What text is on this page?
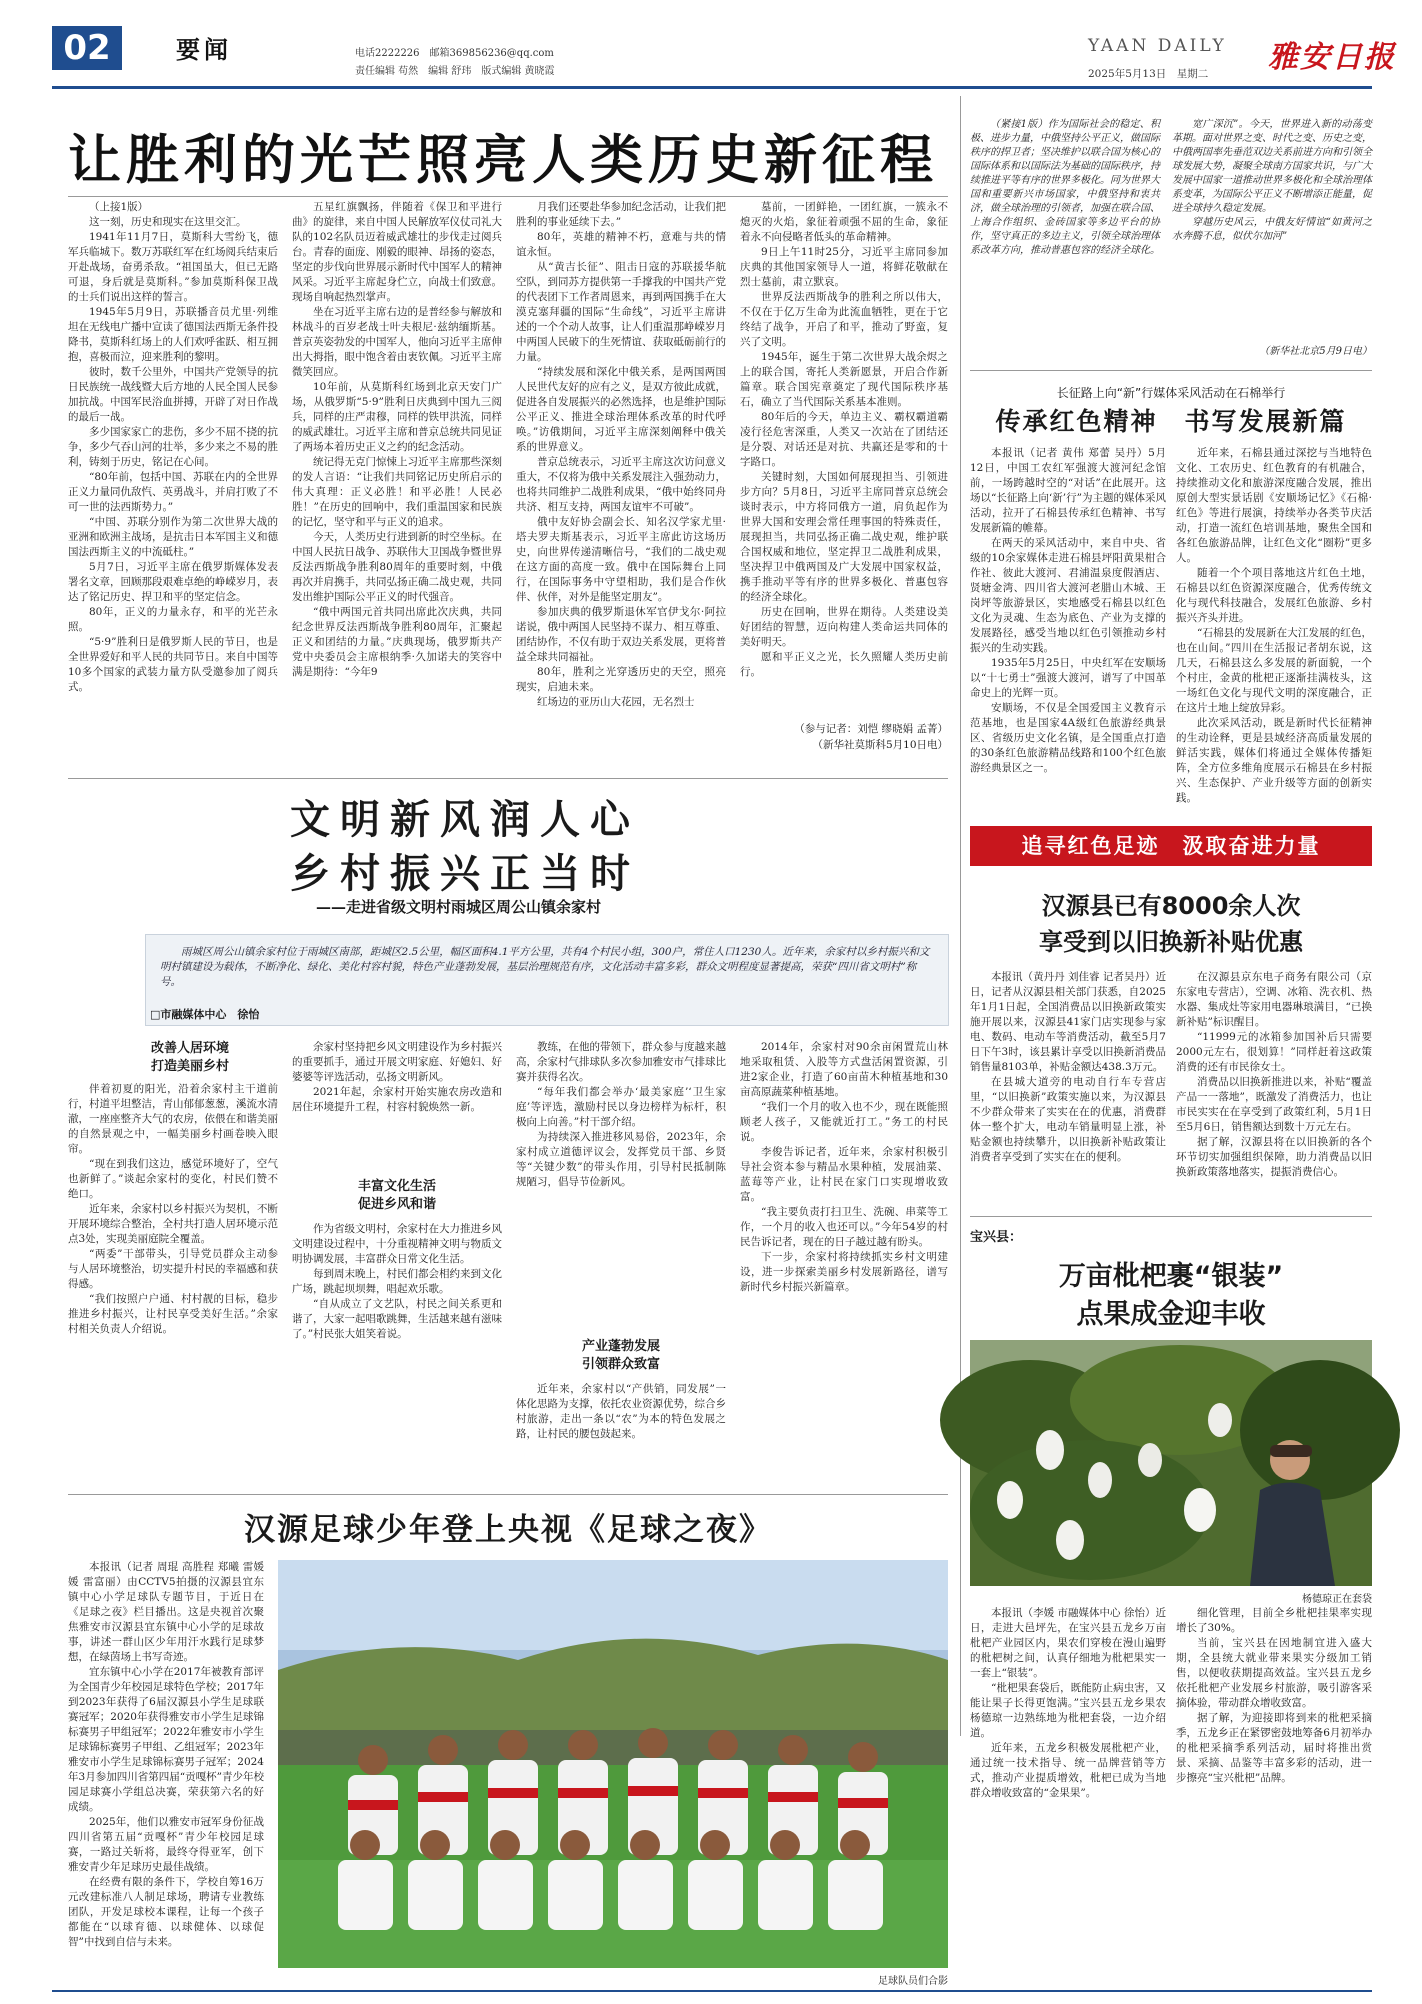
02	要闻	电话2222226　邮箱369856236@qq.com
责任编辑 苟然　编辑 舒玮　版式编辑 黄晓霞
YAAN DAILY
2025年5月13日　星期二 雅安日报
让胜利的光芒照亮人类历史新征程

（上接1版）

这一刻，历史和现实在这里交汇。

1941年11月7日，莫斯科大雪纷飞，德军兵临城下。数万苏联红军在红场阅兵结束后开赴战场，奋勇杀敌。“祖国虽大，但已无路可退，身后就是莫斯科。”参加莫斯科保卫战的士兵们说出这样的誓言。

1945年5月9日，苏联播音员尤里·列维坦在无线电广播中宣读了德国法西斯无条件投降书，莫斯科红场上的人们欢呼雀跃、相互拥抱，喜极而泣，迎来胜利的黎明。

彼时，数千公里外，中国共产党领导的抗日民族统一战线暨大后方地的人民全国人民参加抗战。中国军民浴血拼搏，开辟了对日作战的最后一战。

多少国家家亡的悲伤，多少不屈不挠的抗争，多少气吞山河的壮举，多少来之不易的胜利，铸刻于历史，铭记在心间。

“80年前，包括中国、苏联在内的全世界正义力量同仇敌忾、英勇战斗，并肩打败了不可一世的法西斯势力。”

“中国、苏联分别作为第二次世界大战的亚洲和欧洲主战场，是抗击日本军国主义和德国法西斯主义的中流砥柱。”

5月7日，习近平主席在俄罗斯媒体发表署名文章，回顾那段艰难卓绝的峥嵘岁月，表达了铭记历史、捍卫和平的坚定信念。

80年，正义的力量永存，和平的光芒永照。

“5·9”胜利日是俄罗斯人民的节日，也是全世界爱好和平人民的共同节日。来自中国等10多个国家的武装力量方队受邀参加了阅兵式。

五星红旗飘扬，伴随着《保卫和平进行曲》的旋律，来自中国人民解放军仪仗司礼大队的102名队员迈着威武雄壮的步伐走过阅兵台。青春的面庞、刚毅的眼神、昂扬的姿态，坚定的步伐向世界展示新时代中国军人的精神风采。习近平主席起身伫立，向战士们致意。现场自响起热烈掌声。

坐在习近平主席右边的是普经参与解放和林战斗的百岁老战士叶夫根尼·兹纳缅斯基。普京英姿勃发的中国军人，他向习近平主席伸出大拇指，眼中饱含着由衷钦佩。习近平主席微笑回应。

10年前，从莫斯科红场到北京天安门广场，从俄罗斯“5·9”胜利日庆典到中国九三阅兵，同样的庄严肃穆，同样的铁甲洪流，同样的威武雄壮。习近平主席和普京总统共同见证了两场本着历史正义之约的纪念活动。

统记得无克门惊悚上习近平主席那些深刻的发人言语：“让我们共同铭记历史所启示的伟大真理：正义必胜！和平必胜！人民必胜！”在历史的回响中，我们重温国家和民族的记忆，坚守和平与正义的追求。

今天，人类历史行进到新的时空坐标。在中国人民抗日战争、苏联伟大卫国战争暨世界反法西斯战争胜利80周年的重要时刻，中俄再次并肩携手，共同弘扬正确二战史观，共同发出维护国际公平正义的时代强音。

“俄中两国元首共同出席此次庆典，共同纪念世界反法西斯战争胜利80周年，汇聚起正义和团结的力量。”庆典现场，俄罗斯共产党中央委员会主席根纳季·久加诺夫的笑容中满是期待：“今年9

月我们还要赴华参加纪念活动，让我们把胜利的事业延续下去。”

80年，英雄的精神不朽，意难与共的情谊永恒。

从“黄吉长征”、阻击日寇的苏联援华航空队，到同苏方提供第一手撑我的中国共产党的代表团下工作者周恩来，再到两国携手在大漠克塞拜疆的国际“生命线”，习近平主席讲述的一个个动人故事，让人们重温那峥嵘岁月中两国人民破下的生死情谊、获取砥砺前行的力量。

“持续发展和深化中俄关系，是两国两国人民世代友好的应有之义，是双方彼此成就，促进各自发展振兴的必然选择，也是维护国际公平正义、推进全球治理体系改革的时代呼唤。”访俄期间，习近平主席深刻阐释中俄关系的世界意义。

普京总统表示，习近平主席这次访问意义重大，不仅将为俄中关系发展注入强劲动力，也将共同维护二战胜利成果，“俄中始终同舟共济、相互支持，两国友谊牢不可破”。

俄中友好协会副会长、知名汉学家尤里·塔夫罗夫斯基表示，习近平主席此访这场历史，向世界传递清晰信号，“我们的二战史观在这方面的高度一致。俄中在国际舞台上同行，在国际事务中守望相助，我们是合作伙伴、伙伴，对外是能坚定朋友”。

参加庆典的俄罗斯退休军官伊戈尔·阿拉诺说，俄中两国人民坚持不谋力、相互尊重、团结协作，不仅有助于双边关系发展，更将普益全球共同福祉。

80年，胜利之光穿透历史的天空，照亮现实，启迪未来。

红场边的亚历山大花园，无名烈士

墓前，一团鲜艳，一团红旗，一簇永不熄灭的火焰，象征着顽强不屈的生命，象征着永不向侵略者低头的革命精神。

9日上午11时25分，习近平主席同参加庆典的其他国家领导人一道，将鲜花敬献在烈士墓前，肃立默哀。

世界反法西斯战争的胜利之所以伟大，不仅在于亿万生命为此流血牺牲，更在于它终结了战争，开启了和平，推动了野蛮，复兴了文明。

1945年，诞生于第二次世界大战余烬之上的联合国，寄托人类新愿景，开启合作新篇章。联合国宪章奠定了现代国际秩序基石，确立了当代国际关系基本准则。

80年后的今天，单边主义、霸权霸道霸凌行径危害深重，人类又一次站在了团结还是分裂、对话还是对抗、共赢还是零和的十字路口。

关键时刻，大国如何展现担当、引领进步方向？5月8日，习近平主席同普京总统会谈时表示，中方将同俄方一道，肩负起作为世界大国和安理会常任理事国的特殊责任，展现担当，共同弘扬正确二战史观，维护联合国权威和地位，坚定捍卫二战胜利成果，坚决捍卫中俄两国及广大发展中国家权益，携手推动平等有序的世界多极化、普惠包容的经济全球化。

历史在回响，世界在期待。人类建设美好团结的智慧，迈向构建人类命运共同体的美好明天。

愿和平正义之光，长久照耀人类历史前行。

（参与记者：刘恺 缪晓娟 孟菁）
（新华社莫斯科5月10日电）

（紧接1版）作为国际社会的稳定、积极、进步力量，中俄坚持公平正义，做国际秩序的捍卫者；坚决维护以联合国为核心的国际体系和以国际法为基础的国际秩序，持续推进平等有序的世界多极化。同为世界大国和重要新兴市场国家，中俄坚持和衷共济，做全球治理的引领者，加强在联合国、上海合作组织、金砖国家等多边平台的协作，坚守真正的多边主义，引领全球治理体系改革方向，推动普惠包容的经济全球化。

宽广深沉”。今天，世界进入新的动荡变革期。面对世界之变、时代之变、历史之变，中俄两国率先垂范双边关系前进方向和引领全球发展大势，凝聚全球南方国家共识，与广大发展中国家一道推动世界多极化和全球治理体系变革，为国际公平正义不断增添正能量，促进全球持久稳定发展。

穿越历史风云，中俄友好情谊“如黄河之水奔腾不息，似伏尔加河”

（新华社北京5月9日电）
长征路上向“新”行媒体采风活动在石棉举行
传承红色精神　书写发展新篇

本报讯（记者 黄伟 郑蕾 吴丹）5月12日，中国工农红军强渡大渡河纪念馆前，一场跨越时空的“对话”在此展开。这场以“长征路上向‘新’行”为主题的媒体采风活动，拉开了石棉县传承红色精神、书写发展新篇的帷幕。

在两天的采风活动中，来自中央、省级的10余家媒体走进石棉县坪阳黄果柑合作社、彼此大渡河、君浦温泉度假酒店、贤塘金湾、四川省大渡河老腊山木城、王岗坪等旅游景区，实地感受石棉县以红色文化为灵魂、生态为底色、产业为支撑的发展路径，感受当地以红色引领推动乡村振兴的生动实践。

1935年5月25日，中央红军在安顺场以“十七勇士”强渡大渡河，谱写了中国革命史上的光辉一页。

安顺场，不仅是全国爱国主义教育示范基地，也是国家4A级红色旅游经典景区、省级历史文化名镇，是全国重点打造的30条红色旅游精品线路和100个红色旅游经典景区之一。

近年来，石棉县通过深挖与当地特色文化、工农历史、红色教育的有机融合，持续推动文化和旅游深度融合发展，推出原创大型实景话剧《安顺场记忆》《石棉·红色》等进行展演，持续举办各类节庆活动，打造一流红色培训基地，聚焦全国和各红色旅游品牌，让红色文化“圈粉”更多人。

随着一个个项目落地这片红色土地，石棉县以红色资源深度融合，优秀传统文化与现代科技融合，发展红色旅游、乡村振兴齐头并进。

“石棉县的发展新在大江发展的红色，也在山间。”四川在生活报记者胡东说，这几天，石棉县这么多发展的新面貌，一个个村庄，金黄的枇杷正逐渐挂满枝头，这一场红色文化与现代文明的深度融合，正在这片土地上绽放异彩。

此次采风活动，既是新时代长征精神的生动诠释，更是县域经济高质量发展的鲜活实践，媒体们将通过全媒体传播矩阵，全方位多维角度展示石棉县在乡村振兴、生态保护、产业升级等方面的创新实践。

追寻红色足迹　汲取奋进力量
汉源县已有8000余人次
享受到以旧换新补贴优惠

本报讯（黄丹丹 刘佳睿 记者吴丹）近日，记者从汉源县相关部门获悉，自2025年1月1日起，全国消费品以旧换新政策实施开展以来，汉源县41家门店实现参与家电、数码、电动车等消费活动，截至5月7日下午3时，该县累计享受以旧换新消费品销售量8103单，补贴金额达438.3万元。

在县城大道旁的电动自行车专营店里，“以旧换新”政策实施以来，为汉源县不少群众带来了实实在在的优惠，消费群体一整个扩大，电动车销量明显上涨，补贴金额也持续攀升，以旧换新补贴政策让消费者享受到了实实在在的便利。

在汉源县京东电子商务有限公司（京东家电专营店），空调、冰箱、洗衣机、热水器、集成灶等家用电器琳琅满目，“已换新补贴”标识醒目。

“11999元的冰箱参加国补后只需要2000元左右，很划算！”同样赶着这政策消费的还有市民徐女士。

消费品以旧换新推进以来，补贴“覆盖产品一一落地”，既激发了消费活力，也让市民实实在在享受到了政策红利，5月1日至5月6日，销售额达到数十万元左右。

据了解，汉源县将在以旧换新的各个环节切实加强组织保障，助力消费品以旧换新政策落地落实，提振消费信心。

宝兴县：
万亩枇杷裹“银装”
点果成金迎丰收
杨德琼正在套袋

本报讯（李媛 市融媒体中心 徐怡）近日，走进大邑坪先，在宝兴县五龙乡万亩枇杷产业园区内，果农们穿梭在漫山遍野的枇杷树之间，认真仔细地为枇杷果实一一套上“银装”。

“枇杷果套袋后，既能防止病虫害，又能让果子长得更饱满。”宝兴县五龙乡果农杨德琼一边熟练地为枇杷套袋，一边介绍道。

近年来，五龙乡积极发展枇杷产业，通过统一技术指导、统一品牌营销等方式，推动产业提质增效，枇杷已成为当地群众增收致富的“金果果”。

细化管理，目前全乡枇杷挂果率实现增长了30%。

当前，宝兴县在因地制宜进入盛大期，全县统大就业带来果实分级加工销售，以便收获期提高效益。宝兴县五龙乡依托枇杷产业发展乡村旅游，吸引游客采摘体验，带动群众增收致富。

据了解，为迎接即将到来的枇杷采摘季，五龙乡正在紧锣密鼓地筹备6月初举办的枇杷采摘季系列活动，届时将推出赏景、采摘、品鉴等丰富多彩的活动，进一步擦亮“宝兴枇杷”品牌。

文明新风润人心
乡村振兴正当时
——走进省级文明村雨城区周公山镇余家村
雨城区周公山镇余家村位于雨城区南部，距城区2.5公里，幅区面积4.1平方公里，共有4个村民小组，300户，常住人口1230人。近年来，余家村以乡村振兴和文明村镇建设为载体，不断净化、绿化、美化村容村貌，特色产业蓬勃发展，基层治理规范有序，文化活动丰富多彩，群众文明程度显著提高，荣获“四川省文明村”称号。
□市融媒体中心　徐怡
改善人居环境
打造美丽乡村

伴着初夏的阳光，沿着余家村主干道前行，村道平坦整洁，青山郁郁葱葱，溪流水清澈，一座座整齐大气的农房，依偎在和谐美丽的自然景观之中，一幅美丽乡村画卷映入眼帘。

“现在到我们这边，感觉环境好了，空气也新鲜了。”谈起余家村的变化，村民们赞不绝口。

近年来，余家村以乡村振兴为契机，不断开展环境综合整治，全村共打造人居环境示范点3处，实现美丽庭院全覆盖。

“两委”干部带头，引导党员群众主动参与人居环境整治，切实提升村民的幸福感和获得感。

“我们按照户户通、村村靓的目标，稳步推进乡村振兴，让村民享受美好生活。”余家村相关负责人介绍说。

余家村坚持把乡风文明建设作为乡村振兴的重要抓手，通过开展文明家庭、好媳妇、好婆婆等评选活动，弘扬文明新风。

2021年起，余家村开始实施农房改造和居住环境提升工程，村容村貌焕然一新。

丰富文化生活
促进乡风和谐

作为省级文明村，余家村在大力推进乡风文明建设过程中，十分重视精神文明与物质文明协调发展，丰富群众日常文化生活。

每到周末晚上，村民们都会相约来到文化广场，跳起坝坝舞，唱起欢乐歌。

“自从成立了文艺队，村民之间关系更和谐了，大家一起唱歌跳舞，生活越来越有滋味了。”村民张大姐笑着说。

教练，在他的带领下，群众参与度越来越高，余家村气排球队多次参加雅安市气排球比赛并获得名次。

“每年我们都会举办‘最美家庭’‘卫生家庭’等评选，激励村民以身边榜样为标杆，积极向上向善。”村干部介绍。

为持续深入推进移风易俗，2023年，余家村成立道德评议会，发挥党员干部、乡贤等“关键少数”的带头作用，引导村民抵制陈规陋习，倡导节俭新风。

产业蓬勃发展
引领群众致富

近年来，余家村以“产供销，同发展”一体化思路为支撑，依托农业资源优势，综合乡村旅游，走出一条以“农”为本的特色发展之路，让村民的腰包鼓起来。

2014年，余家村对90余亩闲置荒山林地采取租赁、入股等方式盘活闲置资源，引进2家企业，打造了60亩苗木种植基地和30亩高原蔬菜种植基地。

“我们一个月的收入也不少，现在既能照顾老人孩子，又能就近打工。”务工的村民说。

李俊告诉记者，近年来，余家村积极引导社会资本参与精品水果种植，发展油菜、蓝莓等产业，让村民在家门口实现增收致富。

“我主要负责打扫卫生、洗碗、串菜等工作，一个月的收入也还可以。”今年54岁的村民告诉记者，现在的日子越过越有盼头。

下一步，余家村将持续抓实乡村文明建设，进一步探索美丽乡村发展新路径，谱写新时代乡村振兴新篇章。

汉源足球少年登上央视《足球之夜》

本报讯（记者 周琨 高胜程 郑曦 雷媛媛 雷富丽）由CCTV5拍摄的汉源县宜东镇中心小学足球队专题节目，于近日在《足球之夜》栏目播出。这是央视首次聚焦雅安市汉源县宜东镇中心小学的足球故事，讲述一群山区少年用汗水践行足球梦想，在绿茵场上书写奇迹。

宜东镇中心小学在2017年被教育部评为全国青少年校园足球特色学校；2017年到2023年获得了6届汉源县小学生足球联赛冠军；2020年获得雅安市小学生足球锦标赛男子甲组冠军；2022年雅安市小学生足球锦标赛男子甲组、乙组冠军；2023年雅安市小学生足球锦标赛男子冠军；2024年3月参加四川省第四届“贡嘎杯”青少年校园足球赛小学组总决赛，荣获第六名的好成绩。

2025年，他们以雅安市冠军身份征战四川省第五届“贡嘎杯”青少年校园足球赛，一路过关斩将，最终夺得亚军，创下雅安青少年足球历史最佳战绩。

在经费有限的条件下，学校自筹16万元改建标准八人制足球场，聘请专业教练团队，开发足球校本课程，让每一个孩子都能在“以球育德、以球健体、以球促智”中找到自信与未来。

足球队员们合影
